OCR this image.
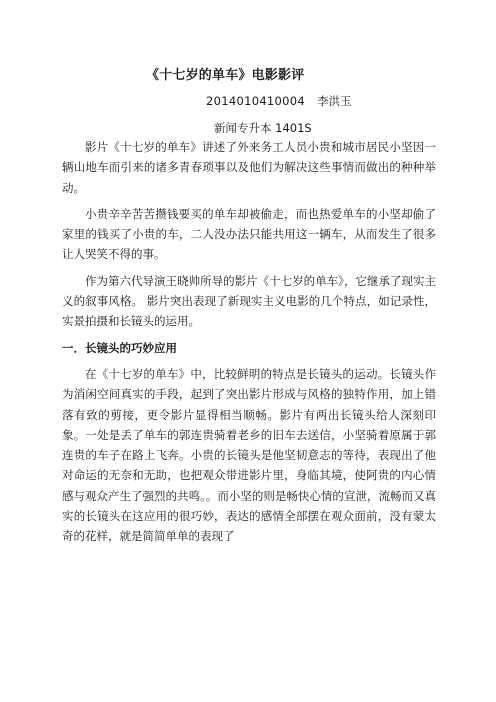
《十七岁的单车》电影影评
2014010410004 李洪玉
新闻专升本 1401S

影片《十七岁的单车》讲述了外来务工人员小贵和城市居民小坚因一辆山地车而引来的诸多青春琐事以及他们为解决这些事情而做出的种种举动。

小贵辛辛苦苦攒钱要买的单车却被偷走，而也热爱单车的小坚却偷了家里的钱买了小贵的车，二人没办法只能共用这一辆车，从而发生了很多让人哭笑不得的事。

作为第六代导演王晓帅所导的影片《十七岁的单车》，它继承了现实主义的叙事风格。 影片突出表现了新现实主义电影的几个特点，如记录性，实景拍摄和长镜头的运用。

一．长镜头的巧妙应用

在《十七岁的单车》中，比较鲜明的特点是长镜头的运动。长镜头作为消闲空间真实的手段，起到了突出影片形成与风格的独特作用，加上错落有致的剪接，更令影片显得相当顺畅。影片有两出长镜头给人深刻印象。一处是丢了单车的郭连贵骑着老乡的旧车去送信，小坚骑着原属于郭连贵的车子在路上飞奔。小贵的长镜头是他坚韧意志的等待，表现出了他对命运的无奈和无助，也把观众带进影片里，身临其境，使阿贵的内心情感与观众产生了强烈的共鸣。。而小坚的则是畅快心情的宣泄，流畅而又真实的长镜头在这应用的很巧妙，表达的感情全部摆在观众面前，没有蒙太奇的花样，就是简简单单的表现了
